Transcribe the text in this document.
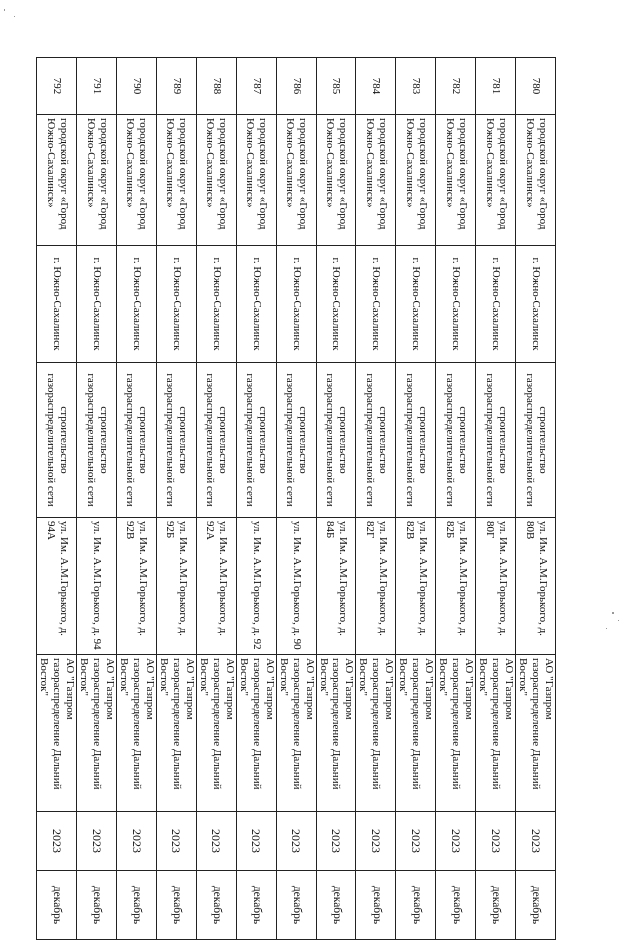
780	городской округ «Город Южно-Сахалинск»	г. Южно-Сахалинск	строительство газораспределительной сети	ул. Им. А.М.Горького, д. 80В	АО "Газпром газораспределение Дальний Восток"	2023	декабрь
781	городской округ «Город Южно-Сахалинск»	г. Южно-Сахалинск	строительство газораспределительной сети	ул. Им. А.М.Горького, д. 80Г	АО "Газпром газораспределение Дальний Восток"	2023	декабрь
782	городской округ «Город Южно-Сахалинск»	г. Южно-Сахалинск	строительство газораспределительной сети	ул. Им. А.М.Горького, д. 82Б	АО "Газпром газораспределение Дальний Восток"	2023	декабрь
783	городской округ «Город Южно-Сахалинск»	г. Южно-Сахалинск	строительство газораспределительной сети	ул. Им. А.М.Горького, д. 82В	АО "Газпром газораспределение Дальний Восток"	2023	декабрь
784	городской округ «Город Южно-Сахалинск»	г. Южно-Сахалинск	строительство газораспределительной сети	ул. Им. А.М.Горького, д. 82Г	АО "Газпром газораспределение Дальний Восток"	2023	декабрь
785	городской округ «Город Южно-Сахалинск»	г. Южно-Сахалинск	строительство газораспределительной сети	ул. Им. А.М.Горького, д. 84Б	АО "Газпром газораспределение Дальний Восток"	2023	декабрь
786	городской округ «Город Южно-Сахалинск»	г. Южно-Сахалинск	строительство газораспределительной сети	ул. Им. А.М.Горького, д. 90	АО "Газпром газораспределение Дальний Восток"	2023	декабрь
787	городской округ «Город Южно-Сахалинск»	г. Южно-Сахалинск	строительство газораспределительной сети	ул. Им. А.М.Горького, д. 92	АО "Газпром газораспределение Дальний Восток"	2023	декабрь
788	городской округ «Город Южно-Сахалинск»	г. Южно-Сахалинск	строительство газораспределительной сети	ул. Им. А.М.Горького, д. 92А	АО "Газпром газораспределение Дальний Восток"	2023	декабрь
789	городской округ «Город Южно-Сахалинск»	г. Южно-Сахалинск	строительство газораспределительной сети	ул. Им. А.М.Горького, д. 92Б	АО "Газпром газораспределение Дальний Восток"	2023	декабрь
790	городской округ «Город Южно-Сахалинск»	г. Южно-Сахалинск	строительство газораспределительной сети	ул. Им. А.М.Горького, д. 92В	АО "Газпром газораспределение Дальний Восток"	2023	декабрь
791	городской округ «Город Южно-Сахалинск»	г. Южно-Сахалинск	строительство газораспределительной сети	ул. Им. А.М.Горького, д. 94	АО "Газпром газораспределение Дальний Восток"	2023	декабрь
792	городской округ «Город Южно-Сахалинск»	г. Южно-Сахалинск	строительство газораспределительной сети	ул. Им. А.М.Горького, д. 94А	АО "Газпром газораспределение Дальний Восток"	2023	декабрь
